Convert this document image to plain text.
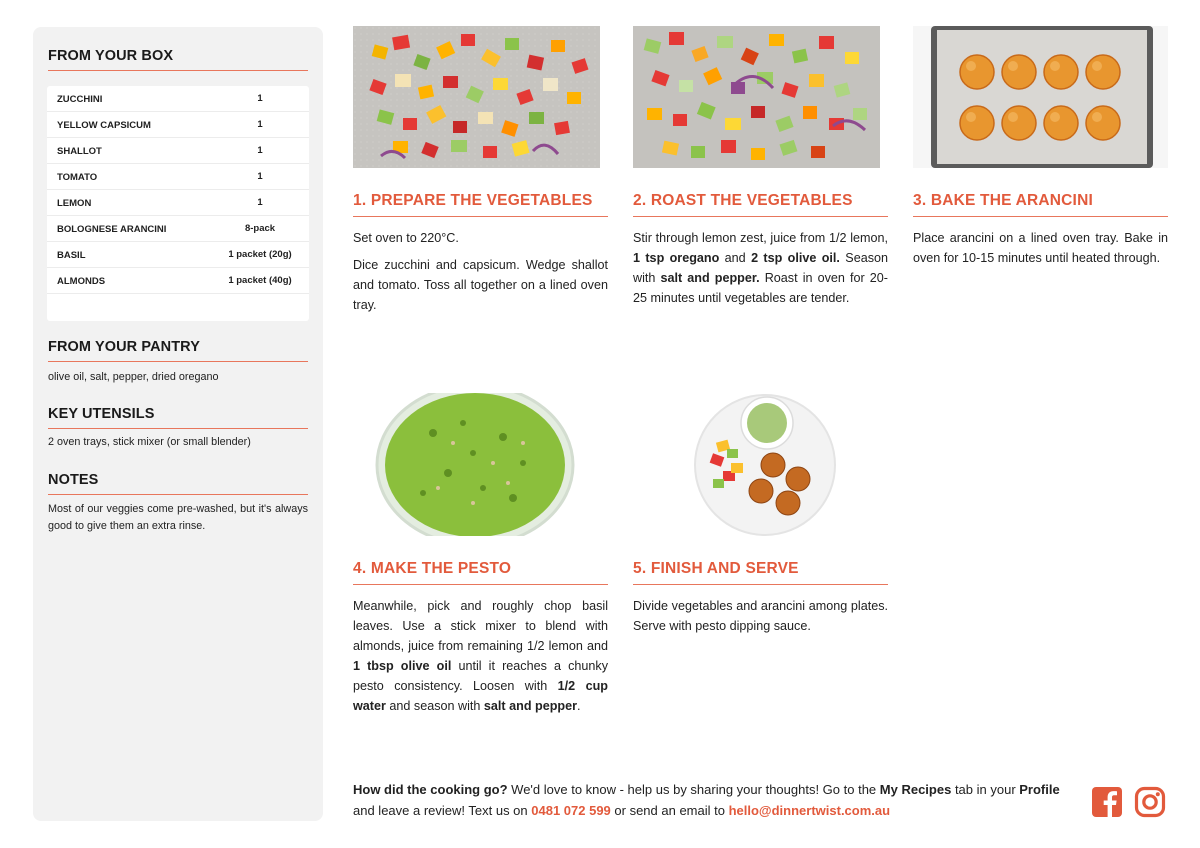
FROM YOUR BOX
ZUCCHINI	1
YELLOW CAPSICUM	1
SHALLOT	1
TOMATO	1
LEMON	1
BOLOGNESE ARANCINI	8-pack
BASIL	1 packet (20g)
ALMONDS	1 packet (40g)
FROM YOUR PANTRY
olive oil, salt, pepper, dried oregano
KEY UTENSILS
2 oven trays, stick mixer (or small blender)
NOTES
Most of our veggies come pre-washed, but it's always good to give them an extra rinse.
1. PREPARE THE VEGETABLES

Set oven to 220°C.

Dice zucchini and capsicum. Wedge shallot and tomato. Toss all together on a lined oven tray.

2. ROAST THE VEGETABLES

Stir through lemon zest, juice from 1/2 lemon, 1 tsp oregano and 2 tsp olive oil. Season with salt and pepper. Roast in oven for 20-25 minutes until vegetables are tender.

3. BAKE THE ARANCINI

Place arancini on a lined oven tray. Bake in oven for 10-15 minutes until heated through.

4. MAKE THE PESTO

Meanwhile, pick and roughly chop basil leaves. Use a stick mixer to blend with almonds, juice from remaining 1/2 lemon and 1 tbsp olive oil until it reaches a chunky pesto consistency. Loosen with 1/2 cup water and season with salt and pepper.

5. FINISH AND SERVE

Divide vegetables and arancini among plates. Serve with pesto dipping sauce.

How did the cooking go? We'd love to know - help us by sharing your thoughts! Go to the My Recipes tab in your Profile and leave a review! Text us on 0481 072 599 or send an email to hello@dinnertwist.com.au
